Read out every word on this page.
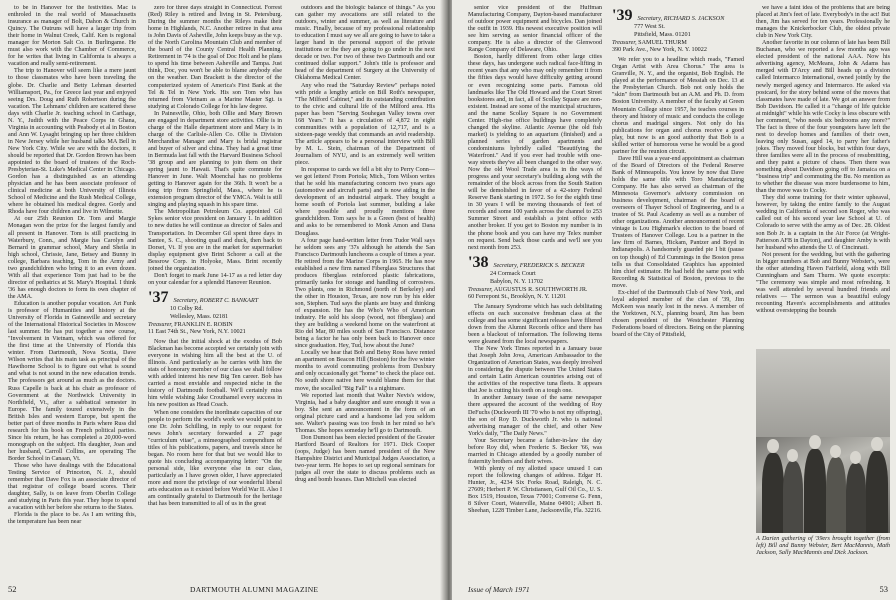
to be in Hanover for the festivities. Mac is enthroled in the real world of Massachusetts insurance as manager of Bolt, Dahon & Church in Quincy. The Outruns will have a larger trip from their home in Walnut Creek, Calif. Ken is regional manager for Morton Salt Co. in Burlingame. He must also work with the Chamber of Commerce, for he writes that living in California is always a vacation and really semi-retirement.

The trip to Hanover will seem like a mere jaunt to those classmates who have been traveling the globe. Dr. Charlie and Betty Lehman deserted Williamsport, Pa., for Greece last year and enjoyed seeing Drs. Doug and Ruth Robertson during the vacation. The Lehmans' children are scattered these days with Charlie Jr. teaching school in Carthage, N. Y., Judith with the Peace Corps in Ghana, Virginia in accounting with Peabody et al in Boston and Ann W. Lysaght bringing up her three children in New Jersey while her husband talks MA Bell in New York City. While we are with the doctors, it should be reported that Dr. Gordon Brown has been appointed to the board of trustees of the Roch-Presbyterian-St. Luke's Medical Center in Chicago. Gordon has a distinguished as an attending physician and he has been associate professor of clinical medicine at both University of Illinois School of Medicine and the Rush Medical College, where he obtained his medical degree. Gordy and Rhoda have four children and live in Wilmette.

At our 25th Reunion Dr. Tom and Margie Monagan won the prize for the largest family and all present in Hanover. Tom is still practicing in Waterbury, Conn., and Margie has Carolyn and Bernard in grammar school, Mary and Sheila in high school, Chrissie, Jane, Betsey and Bunny in college, Barbara teaching, Tom in the Army and two grandchildren who bring it to an even dozen. With all that experience Tom just had to be the director of pediatrics at St. Mary's Hospital. I think '36 has enough doctors to form its own chapter of the AMA.

Education is another popular vocation. Art Funk is professor of Humanities and history at the University of Florida in Gainesville and secretary of the International Historical Societies in Moscow last summer. He has put together a new course, "Involvement in Vietnam, which was offered for the first time at the University of Florida this winter. From Dartmouth, Nova Scotia, Dave Wilson writes that his main task as principal of the Hawthorne School is to figure out what is sound and what is not sound in the new education trends. The professors get around as much as the doctors. Russ Capelle is back at his chair as professor of Government at the Northwick University in Northfield, Vt., after a sabbatical semester in Europe. The family toured extensively in the British Isles and western Europe, but spent the better part of three months in Paris where Russ did research for his book on French political parties. Since his return, he has completed a 20,000-word monograph on the subject. His daughter, Joan and her husband, Carroll Collins, are operating The Border School in Canaan, Vt.

Those who have dealings with the Educational Testing Service of Princeton, N. J., should remember that Dave Fox is an associate director of that registrar of college board scores. Their daughter, Sally, is on leave from Oberlin College and studying in Paris this year. They hope to spend a vacation with her before she returns to the States.

Florida is the place to be. As I am writing this, the temperature has been near

zero for three days straight in Connecticut. Forrest (Red) Riley is retired and living in St. Petersburg. During the summer months the Rileys make their home in Highlands, N.C. Another retiree in that area is John Davis of Asheville, John keeps busy as the v.p. of the North Carolina Mountain Club and member of the board of the County Central Health Planning. Retirement in '74 is the goal of Doc Holt and he plans to spend his time between Asheville and Tampa. Just think, Doc, you won't be able to blame anybody else on the weather. Dan Brackett is the director of the computerized system of America's First Bank at the Tel & Tel in New York. His son Tom who has returned from Vietnam as a Marine Master Sgt. is studying at Colorado College for his law degree.

In Painesville, Ohio, both Ollie and Mary Brown are engaged in department store activities. Ollie is in charge of the Halle department store and Mary is in charge of the Carlisle-Allen Co. Ollie is Division Merchandise Manager and Mary is bridal registrar and buyer of silver and china. They had a great time in Bermuda last fall with the Harvard Business School '38 group and are planning to join them on their spring jaunt to Hawaii. That's quite commute for Hanover in June. Walt Moenchal has no problems getting to Hanover again for the 36th. It won't be a long trip from Springfield, Mass., where he is extension program director of the YMCA. Walt is still singing and playing squash in his spare time.

The Metropolitan Petroleum Co. appointed Gil Sykes senior vice president on January 1. In addition to new duties he will continue as director of Sales and Transportation. In December Gil spent three days in Santee, S. C., shooting quail and duck, then back to Dorset, Vt. If you are in the market for supermarket display equipment give Brint Schorer a call at the Bessrow Corp. in Holyoke, Mass. Brint recently joined the organization.

Don't forget to mark June 14-17 as a red letter day on your calendar for a splendid Hanover Reunion.

'37 Secretary, ROBERT C. BANKART
10 Colby Rd.
Wellesley, Mass. 02181
Treasurer, FRANKLIN E. ROBIN
11 East 74th St., New York, N.Y. 10021

Now that the initial shock at the exodus of Bob Blackman has become accepted we certainly join with everyone in wishing him all the best at the U. of Illinois. And particularly as he carries with him the stats of honorary member of our class we shall follow with added interest his new Big Ten career. Bob has carried a most enviable and respected niche in the history of Dartmouth football. We'll certainly miss him while wishing Jake Crouthamel every success in his new position as Head Coach.

When one considers the inordinate capacities of our people to perform the world's work we would point to one Dr. John Schilling, in reply to our request for news John's secretary forwarded a 27 page "curriculum vitae", a mimeographed compendium of titles of his publications, papers, and travels since he began. No room here for that but we would like to quote his concluding accompanying letter: "On the personal side, like everyone else in our class, particularly as I have grown older, I have appreciated more and more the privilege of our wonderful liberal arts education as it existed before World War II. Also I am continually grateful to Dartmouth for the heritage that has been transmitted to all of us in the great

outdoors and the biologic balance of things." As you can gather my avocations are still related to the outdoors, winter and summer, as well as literature and music. Finally, because of my professional relationship to education I must say we all are going to have to take a larger hand in the personal support of the private institutions or the they are going to go under in the next decade or two. For two of these two Dartmouth and our continued dollar support." John's title is professor and head of the department of Surgery at the University of Oklahoma Medical Center.

Any who read the "Saturday Review" perhaps noted with pride a lengthy article on Bill Roth's newspaper, "The Milford Cabinet," and its outstanding contribution to the civic and cultural life of the Milford area. His paper has been "Serving Souhegan Valley towns over 168 Years." It has a circulation of 4,872 in eight communities with a population of 12,717, and is a sixteen-page weekly that commands an avid readership. The article appears to be a personal interview with Bill by M. L. Stein, chairman of the Department of Journalism of NYU, and is an extremely well written piece.

In response to cards we fell a bit shy to Perry Conn—we got letters! From Portola; Mich., Tom Wilson writes that he sold his manufacturing concern two years ago (automotive and aircraft parts) and is now aiding in the development of an industrial airpark. They bought a home south of Portola last summer, building a lake where possible and proudly mentions three grandchildren. Tom says he is a Green (best of health) and asks to be remembered to Monk Amon and Dana Douglass.

A four page hand-written letter from Tudor Wall says he seldom sees any '37s although he attends the San Francisco Dartmouth luncheons a couple of times a year. He retired from the Marine Corps in 1965. He has now established a new firm named Fiberglass Structures that produces fiberglass reinforced plastic fabrications, primarily tanks for storage and handling of corrosives. Two plants, one in Richmond (north of Berkeley) and the other in Houston, Texas, are now run by his elder son, Stephen. Tud says the plants are busy and thinking of expansion. He has the Who's Who of American industry. He sold his sloop (wood, not fiberglass) and they are building a weekend home on the waterfront at Rio del Mar, 80 miles south of San Francisco. Distance being a factor he has only been back to Hanover once since graduation. Hey, Tud, how about the June?

Locally we hear that Bob and Betsy Ross have rented an apartment on Beacon Hill (Boston) for the five winter months to avoid commuting problems from Duxbury and only occasionally get "home" to check the place out. No south shore native here would blame them for that move, the socalled "Big Fall" is a nightmare.

We reported last month that Walter Nevis's widow, Virginia, had a baby daughter and sure enough it was a boy. She sent an announcement in the form of an original picture card and a handsome lad you seldom see. Walter's passing was too fresh in her mind so he's Thomas. She hopes someday he'll go to Dartmouth.

Don Dumont has been elected president of the Greater Hartford Board of Realtors for 1971. Dick Cooper (oops, Judge) has been named president of the New Hampshire District and Municipal Judges Association, a two-year term. He hopes to set up regional seminars for judges all over the state to discuss problems such as drug and bomb hoaxes. Dan Mitchell was elected

52	DARTMOUTH ALUMNI MAGAZINE

senior vice president of the Huffman Manufacturing Company, Dayton-based manufacturer of outdoor power equipment and bicycles. Dan joined the outfit in 1939. His newest executive position will see him serving as senior financial officer of the company. He is also a director of the Glenwood Range Company of Delaware, Ohio.

Boston, hardly different from other large cities these days, has undergone such radical face-lifting in recent years that any who may only remember it from the fifties days would have difficulty getting around or even recognizing some parts. Famous old landmarks like The Old Howard and the Court Street bookstores and, in fact, all of Scollay Square are non-existent. Instead are some of the municipal structures, and the name Scollay Square is no Government Center. High-rise office buildings have completely changed the skyline. Atlantic Avenue (the old fish market) is yielding to an aquarium (finished) and a planned series of garden apartments and condominiums hybridly called "Beautifying the Waterfront." And if you ever had trouble with one-way streets they've all been changed to the other way. Now the old Wool Trade area is in the ways of progress and your secretary's building along with the remainder of the block across from the South Station will be demolished in favor of a 42-story Federal Reserve Bank starting in 1972. So for the eighth time in 30 years I will be moving thousands of feet of records and some 100 yards across the channel to 253 Summer Street and establish a joint office with another broker. If you get to Boston my number is in the phone book and you can have my Telex number on request. Send back those cards and we'll see you next month from 253.

'38 Secretary, FREDERICK S. BECKER
24 Cormack Court
Babylon, N. Y. 11702
Treasurer, AUGUSTUS R. SOUTHWORTH JR.
60 Ferrepont St., Brooklyn, N. Y. 11201

The January Syndrome which has such debilitating effects on each successive freshman class at the college and has some significant releases have filtered down from the Alumni Records office and there has been a blackout of information. The following items were gleaned from the local newspapers.

The New York Times reported in a January issue that Joseph John Jova, American Ambassador to the Organization of American States, was deeply involved in considering the dispute between The United States and certain Latin American countries arising out of the activities of the respective tuna fleets. It appears that Joe is cutting his teeth on a tough one.

In another January issue of the same newspaper there appeared the account of the wedding of Roy DeFuchs (Duckworth III '70 who is not my offspring), the son of Roy D. Duckworth Jr. who is national advertising manager of the chief, and other New York's daily, "The Daily News."

Your Secretary became a father-in-law the day before Roy did, when Frederic S. Becker '66, was married in Chicago attended by a goodly number of fraternity brothers and their wives.

With plenty of my allotted space unused I can report the following changes of address. Edgar H. Hunter, Jr., 4234 Six Forks Road, Raleigh, N. C. 27609; Herbert P. W. Christiansen, Gulf Oil Co., U. S. Box 1519, Houston, Texas 77001; Converse G. Fenn, 8 Silver Court, Waterville, Maine 04901; Albert B. Sheehan, 1228 Timber Lane, Jacksonville, Fla. 32216.

'39 Secretary, RICHARD S. JACKSON
777 West St.
Pittsfield, Mass. 01201
Treasurer, SAMUEL THURM
390 Park Ave., New York, N. Y. 10022

We refer you to a headline which reads, "Famed Organ Artist with Area Chorus." The area is Granville, N. Y., and the organist, Bob English. He played at the performance of Messiah on Dec. 13 at the Presbyterian Church. Bob not only holds the "skin" from Dartmouth but an A.M. and Ph. D. from Boston University. A member of the faculty at Green Mountain College since 1957, he teaches courses in theory and history of music and conducts the college chorus and madrigal singers. Not only do his publications for organ and chorus receive a good play, but now is an good authority that Bob is a skilled writer of humorous verse he would be a good partner for the reunion circuit.

Dave Hill was a year-end appointment as chairman of the Board of Directors of the Federal Reserve Bank of Minneapolis. You know by now that Dave holds the same title with Toro Manufacturing Company. He has also served as chairman of the Minnesota Governor's advisory commission on business development, chairman of the board of overseers of Thayer School of Engineering, and is a trustee of St. Paul Academy as well as a number of other organizations. Another announcement of recent vintage is Lou Highmark's election to the board of Trustees of Hanover College. Lou is a partner in the law firm of Barnes, Hickam, Pantzer and Boyd in Indianapolis. A handsomely guarded pie I bit (pause on top though) of Ed Cummings in the Boston press tells us that Consolidated Graphics has appointed him chief estimator. He had held the same post with Recording & Statistical of Boston, previous to the move.

Ex-chief of the Dartmouth Club of New York, and loyal adopted member of the clan of '39, Jim McKeen was nearly lost in the news. A member of the Yorktown, N.Y., planning board, Jim has been chosen president of the Westchester Planning Federations board of directors. Being on the planning board of the City of Pittsfield,

we have a faint idea of the problems that are being placed at Jim's feet of late. Everybody's in the act! But then, Jim has served for ten years. Professionally he manages the Knickerbocker Club, the oldest private club in New York City.

Another favorite in our column of late has been Bill Buchanan, who we reported a few months ago was elected president of the national AAA. Now his advertising agency, McMeans, John & Adams has merged with D'Arcy and Bill heads up a division called Intermarco International, owned jointly by the newly merged agency and Intermarco. He asked via postcard, for the story behind some of the moves that classmates have made of late. We got an answer from Bob Davidson. He called it a "change of life quickie at midnight" while his wife Cocky is less obscure with her comment, "who needs six bedrooms any more?" The fact is three of the four youngsters have left the nest to develop homes and families of their own, leaving only Susan, aged 14, to parry her father's jokes. They moved four blocks, but within four days, three families were all in the process of resubmitting, and they paint a picture of chaos. Then there was something about Davidson going off to Jamaica on a "business trip" and commuting the Bu. No mention as to whether the disease was more burdensome to him, than the move was to Cocky.

They did some training for their winter upheaval, however, by taking the entire family to the August wedding in California of second son Roger, who was called out of his second year law School at U. of Colorado to serve with the army as of Dec. 28. Oldest son Bob Jr. is a captain in the Air Force (at Wright-Patterson AFB in Dayton), and daughter Amby is with her husband who attends the U. of Cincinnati.

Not present for the wedding, but with the gathering in bigger numbers at Bob and Bunny Webster's, were the other attending Haven Fairfield, along with Bill Cunningham and Sam Thurm. We quote excerpts: "The ceremony was simple and most refreshing. It was well attended by several hundred friends and relatives — The sermon was a beautiful eulogy recounting Haven's accomplishments and attitudes without overstepping the bounds

A Darien gathering of '39ers brought together (from left) Bill and Bunny Webster, Bert MacMannis, Math Jackson, Sally MacMannis and Dick Jackson.
Issue of March 1971	53
